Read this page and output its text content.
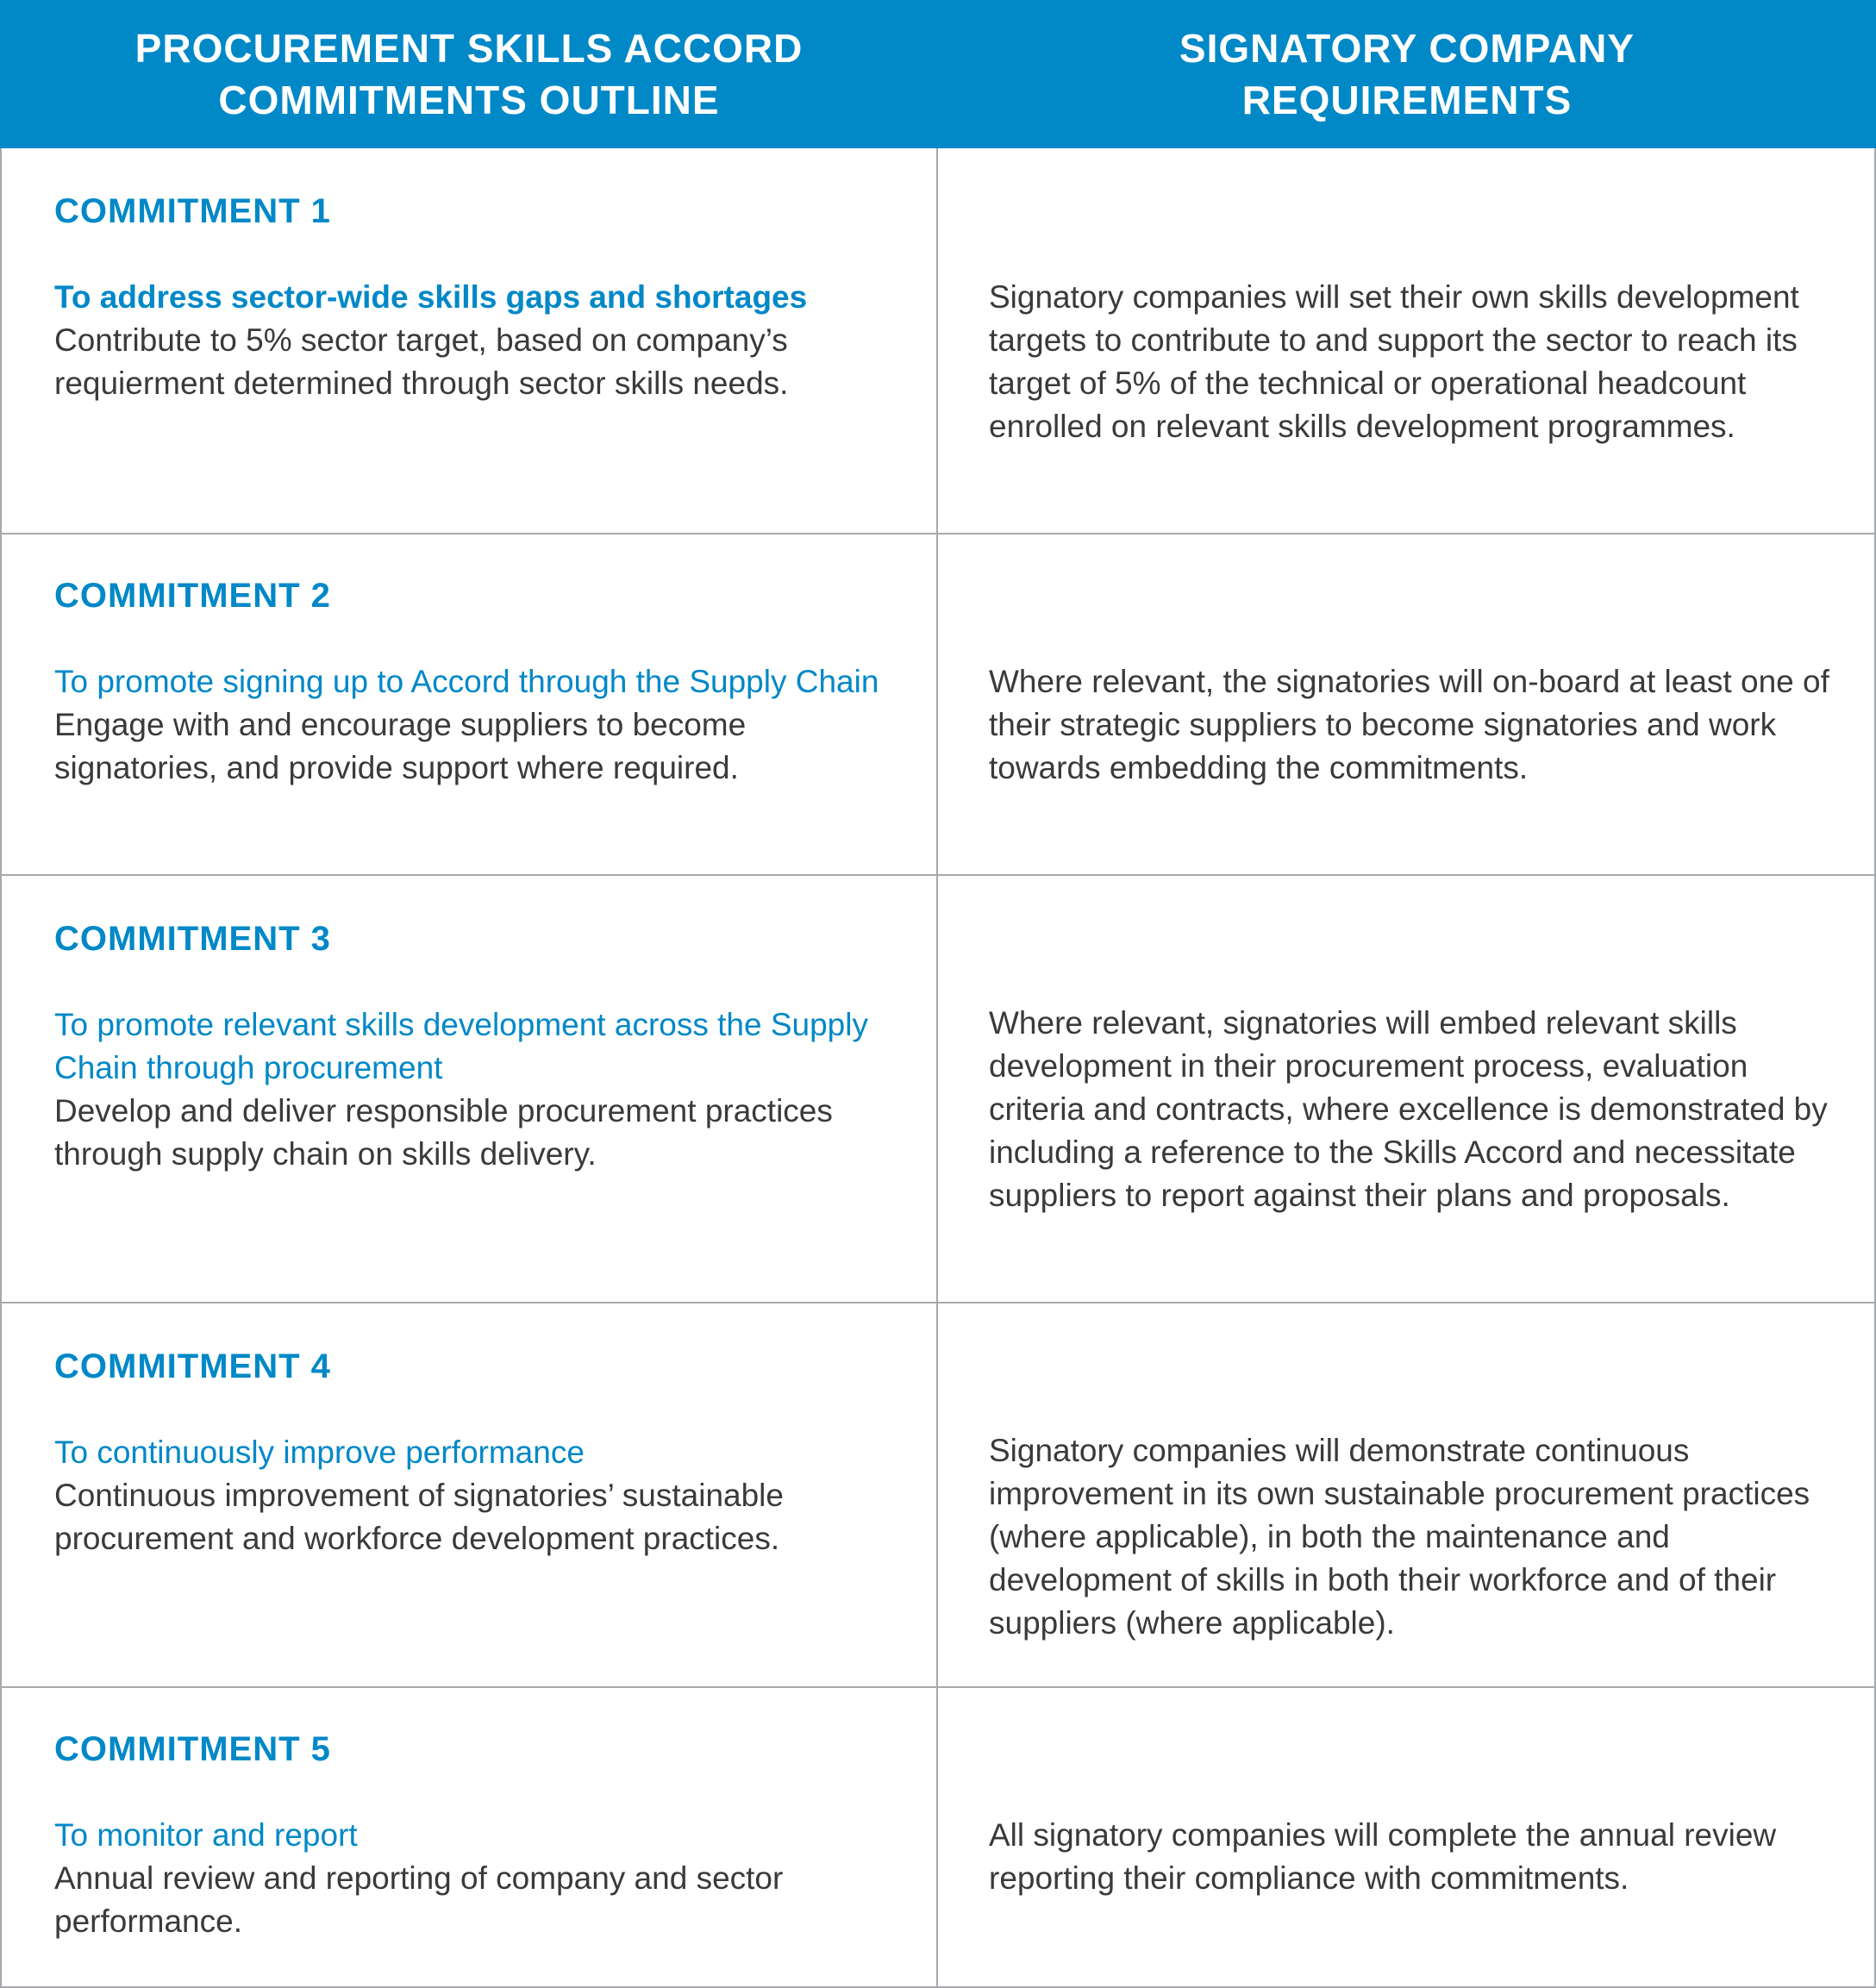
PROCUREMENT SKILLS ACCORD
COMMITMENTS OUTLINE
SIGNATORY COMPANY
REQUIREMENTS

COMMITMENT 1

To address sector-wide skills gaps and shortages

Contribute to 5% sector target, based on company’s requierment determined through sector skills needs.

Signatory companies will set their own skills development targets to contribute to and support the sector to reach its target of 5% of the technical or operational headcount enrolled on relevant skills development programmes.

COMMITMENT 2

To promote signing up to Accord through the Supply Chain

Engage with and encourage suppliers to become signatories, and provide support where required.

Where relevant, the signatories will on-board at least one of their strategic suppliers to become signatories and work towards embedding the commitments.

COMMITMENT 3

To promote relevant skills development across the Supply Chain through procurement

Develop and deliver responsible procurement practices through supply chain on skills delivery.

Where relevant, signatories will embed relevant skills development in their procurement process, evaluation criteria and contracts, where excellence is demonstrated by including a reference to the Skills Accord and necessitate suppliers to report against their plans and proposals.

COMMITMENT 4

To continuously improve performance

Continuous improvement of signatories’ sustainable procurement and workforce development practices.

Signatory companies will demonstrate continuous improvement in its own sustainable procurement practices (where applicable), in both the maintenance and development of skills in both their workforce and of their suppliers (where applicable).

COMMITMENT 5

To monitor and report

Annual review and reporting of company and sector performance.

All signatory companies will complete the annual review reporting their compliance with commitments.
